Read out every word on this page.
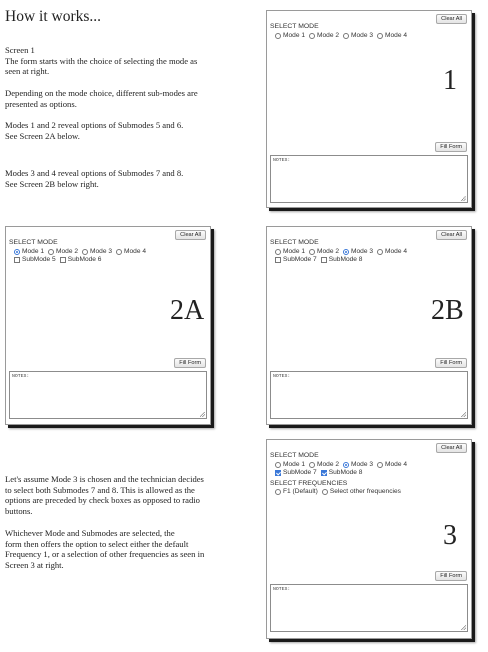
How it works...
Screen 1
The form starts with the choice of selecting the mode as
seen at right.
Depending on the mode choice, different sub-modes are
presented as options.
Modes 1 and 2 reveal options of Submodes 5 and 6.
See Screen 2A below.
Modes 3 and 4 reveal options of Submodes 7 and 8.
See Screen 2B below right.
Let's assume Mode 3 is chosen and the technician decides
to select both Submodes 7 and 8. This is allowed as the
options are preceded by check boxes as opposed to radio
buttons.
Whichever Mode and Submodes are selected, the
form then offers the option to select either the default
Frequency 1, or a selection of other frequencies as seen in
Screen 3 at right.
Clear All
SELECT MODE
Mode 1 Mode 2 Mode 3 Mode 4
1
Fill Form
NOTES:
Clear All
SELECT MODE
Mode 1 Mode 2 Mode 3 Mode 4
SubMode 5 SubMode 6
2A
Fill Form
NOTES:
Clear All
SELECT MODE
Mode 1 Mode 2 Mode 3 Mode 4
SubMode 7 SubMode 8
2B
Fill Form
NOTES:
Clear All
SELECT MODE
Mode 1 Mode 2 Mode 3 Mode 4
SubMode 7 SubMode 8
SELECT FREQUENCIES
F1 (Default) Select other frequencies
3
Fill Form
NOTES:
